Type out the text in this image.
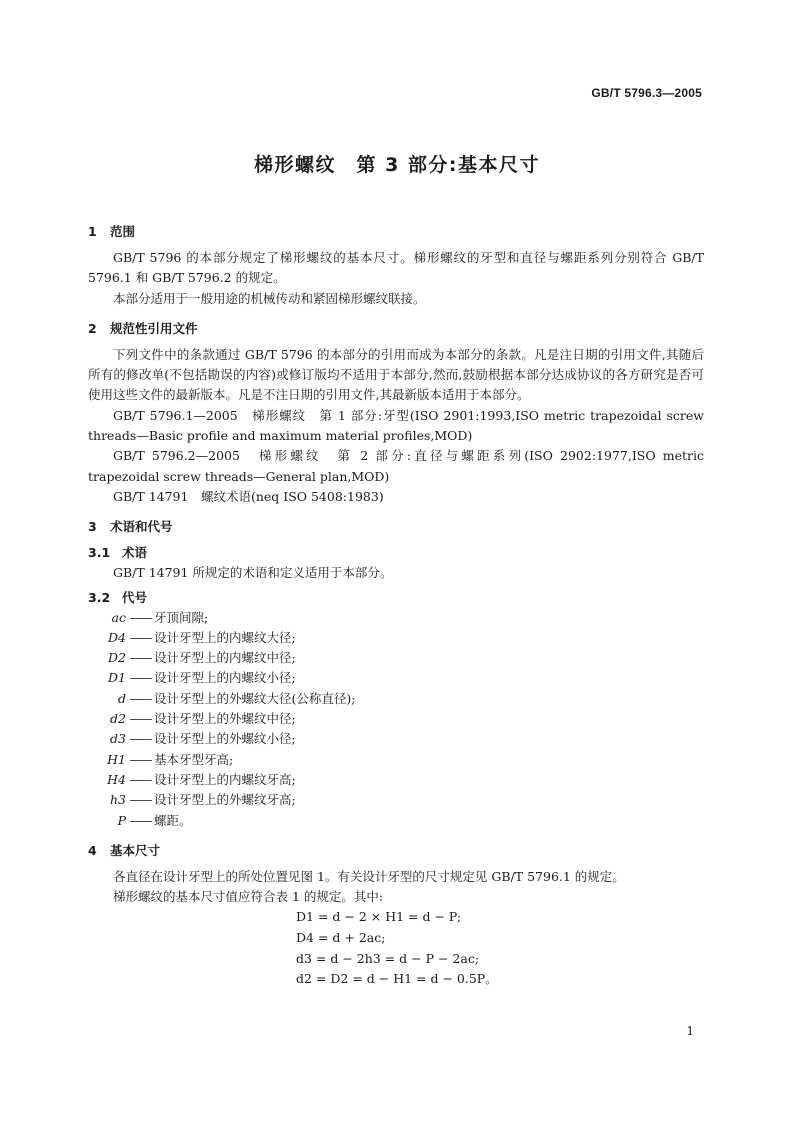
GB/T 5796.3—2005
梯形螺纹　第 3 部分:基本尺寸
1 范围

GB/T 5796 的本部分规定了梯形螺纹的基本尺寸。梯形螺纹的牙型和直径与螺距系列分别符合 GB/T 5796.1 和 GB/T 5796.2 的规定。

本部分适用于一般用途的机械传动和紧固梯形螺纹联接。

2 规范性引用文件

下列文件中的条款通过 GB/T 5796 的本部分的引用而成为本部分的条款。凡是注日期的引用文件,其随后所有的修改单(不包括勘误的内容)或修订版均不适用于本部分,然而,鼓励根据本部分达成协议的各方研究是否可使用这些文件的最新版本。凡是不注日期的引用文件,其最新版本适用于本部分。

GB/T 5796.1—2005　梯形螺纹　第 1 部分:牙型(ISO 2901:1993,ISO metric trapezoidal screw threads—Basic profile and maximum material profiles,MOD)

GB/T 5796.2—2005　梯形螺纹　第 2 部分:直径与螺距系列(ISO 2902:1977,ISO metric trapezoidal screw threads—General plan,MOD)

GB/T 14791　螺纹术语(neq ISO 5408:1983)

3 术语和代号
3.1 术语

GB/T 14791 所规定的术语和定义适用于本部分。

3.2 代号
ac —— 牙顶间隙;
D4 —— 设计牙型上的内螺纹大径;
D2 —— 设计牙型上的内螺纹中径;
D1 —— 设计牙型上的内螺纹小径;
d —— 设计牙型上的外螺纹大径(公称直径);
d2 —— 设计牙型上的外螺纹中径;
d3 —— 设计牙型上的外螺纹小径;
H1 —— 基本牙型牙高;
H4 —— 设计牙型上的内螺纹牙高;
h3 —— 设计牙型上的外螺纹牙高;
P —— 螺距。
4 基本尺寸

各直径在设计牙型上的所处位置见图 1。有关设计牙型的尺寸规定见 GB/T 5796.1 的规定。

梯形螺纹的基本尺寸值应符合表 1 的规定。其中:

D1 = d − 2 × H1 = d − P;
D4 = d + 2ac;
d3 = d − 2h3 = d − P − 2ac;
d2 = D2 = d − H1 = d − 0.5P。
1
